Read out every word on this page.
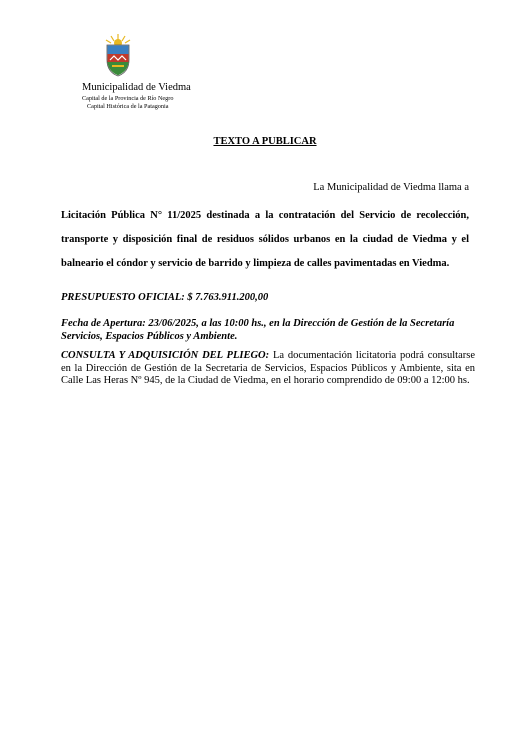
Municipalidad de Viedma
Capital de la Provincia de Río Negro
Capital Histórica de la Patagonia
TEXTO A PUBLICAR
La Municipalidad de Viedma llama a
Licitación Pública N° 11/2025 destinada a la contratación del Servicio de recolección,
transporte y disposición final de residuos sólidos urbanos en la ciudad de Viedma y el
balneario el cóndor y servicio de barrido y limpieza de calles pavimentadas en Viedma.
PRESUPUESTO OFICIAL: $ 7.763.911.200,00
Fecha de Apertura: 23/06/2025, a las 10:00 hs., en la Dirección de Gestión de la Secretaría Servicios, Espacios Públicos y Ambiente.
CONSULTA Y ADQUISICIÓN DEL PLIEGO: La documentación licitatoria podrá consultarse en la Dirección de Gestión de la Secretaria de Servicios, Espacios Públicos y Ambiente, sita en Calle Las Heras Nº 945, de la Ciudad de Viedma, en el horario comprendido de 09:00 a 12:00 hs.
